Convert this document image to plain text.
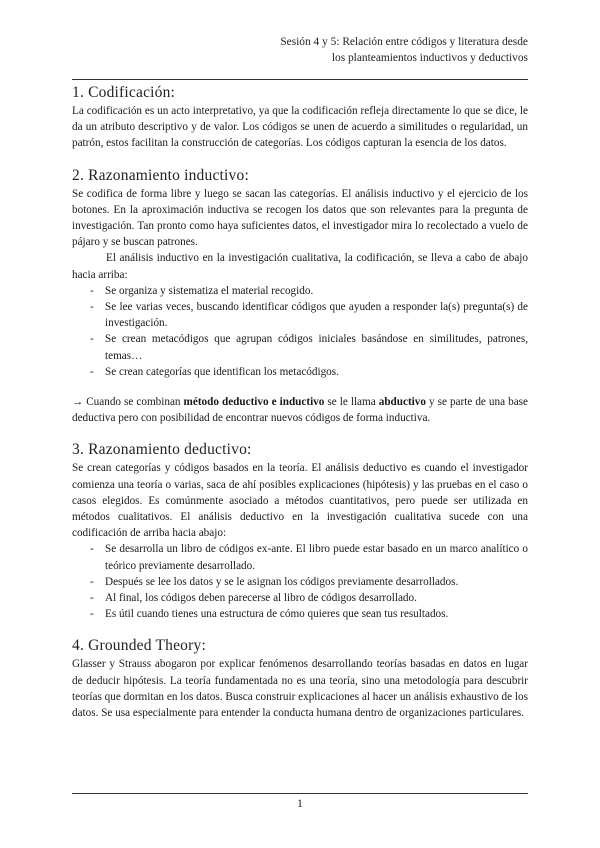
Sesión 4 y 5: Relación entre códigos y literatura desde
los planteamientos inductivos y deductivos
1. Codificación:

La codificación es un acto interpretativo, ya que la codificación refleja directamente lo que se dice, le da un atributo descriptivo y de valor. Los códigos se unen de acuerdo a similitudes o regularidad, un patrón, estos facilitan la construcción de categorías. Los códigos capturan la esencia de los datos.

2. Razonamiento inductivo:

Se codifica de forma libre y luego se sacan las categorías. El análisis inductivo y el ejercicio de los botones. En la aproximación inductiva se recogen los datos que son relevantes para la pregunta de investigación. Tan pronto como haya suficientes datos, el investigador mira lo recolectado a vuelo de pájaro y se buscan patrones.

El análisis inductivo en la investigación cualitativa, la codificación, se lleva a cabo de abajo hacia arriba:

- Se organiza y sistematiza el material recogido.
- Se lee varias veces, buscando identificar códigos que ayuden a responder la(s) pregunta(s) de investigación.
- Se crean metacódigos que agrupan códigos iniciales basándose en similitudes, patrones, temas…
- Se crean categorías que identifican los metacódigos.

→ Cuando se combinan método deductivo e inductivo se le llama abductivo y se parte de una base deductiva pero con posibilidad de encontrar nuevos códigos de forma inductiva.

3. Razonamiento deductivo:

Se crean categorías y códigos basados en la teoría. El análisis deductivo es cuando el investigador comienza una teoría o varias, saca de ahí posibles explicaciones (hipótesis) y las pruebas en el caso o casos elegidos. Es comúnmente asociado a métodos cuantitativos, pero puede ser utilizada en métodos cualitativos. El análisis deductivo en la investigación cualitativa sucede con una codificación de arriba hacia abajo:

- Se desarrolla un libro de códigos ex-ante. El libro puede estar basado en un marco analítico o teórico previamente desarrollado.
- Después se lee los datos y se le asignan los códigos previamente desarrollados.
- Al final, los códigos deben parecerse al libro de códigos desarrollado.
- Es útil cuando tienes una estructura de cómo quieres que sean tus resultados.
4. Grounded Theory:

Glasser y Strauss abogaron por explicar fenómenos desarrollando teorías basadas en datos en lugar de deducir hipótesis. La teoría fundamentada no es una teoría, sino una metodología para descubrir teorías que dormitan en los datos. Busca construir explicaciones al hacer un análisis exhaustivo de los datos. Se usa especialmente para entender la conducta humana dentro de organizaciones particulares.

1
